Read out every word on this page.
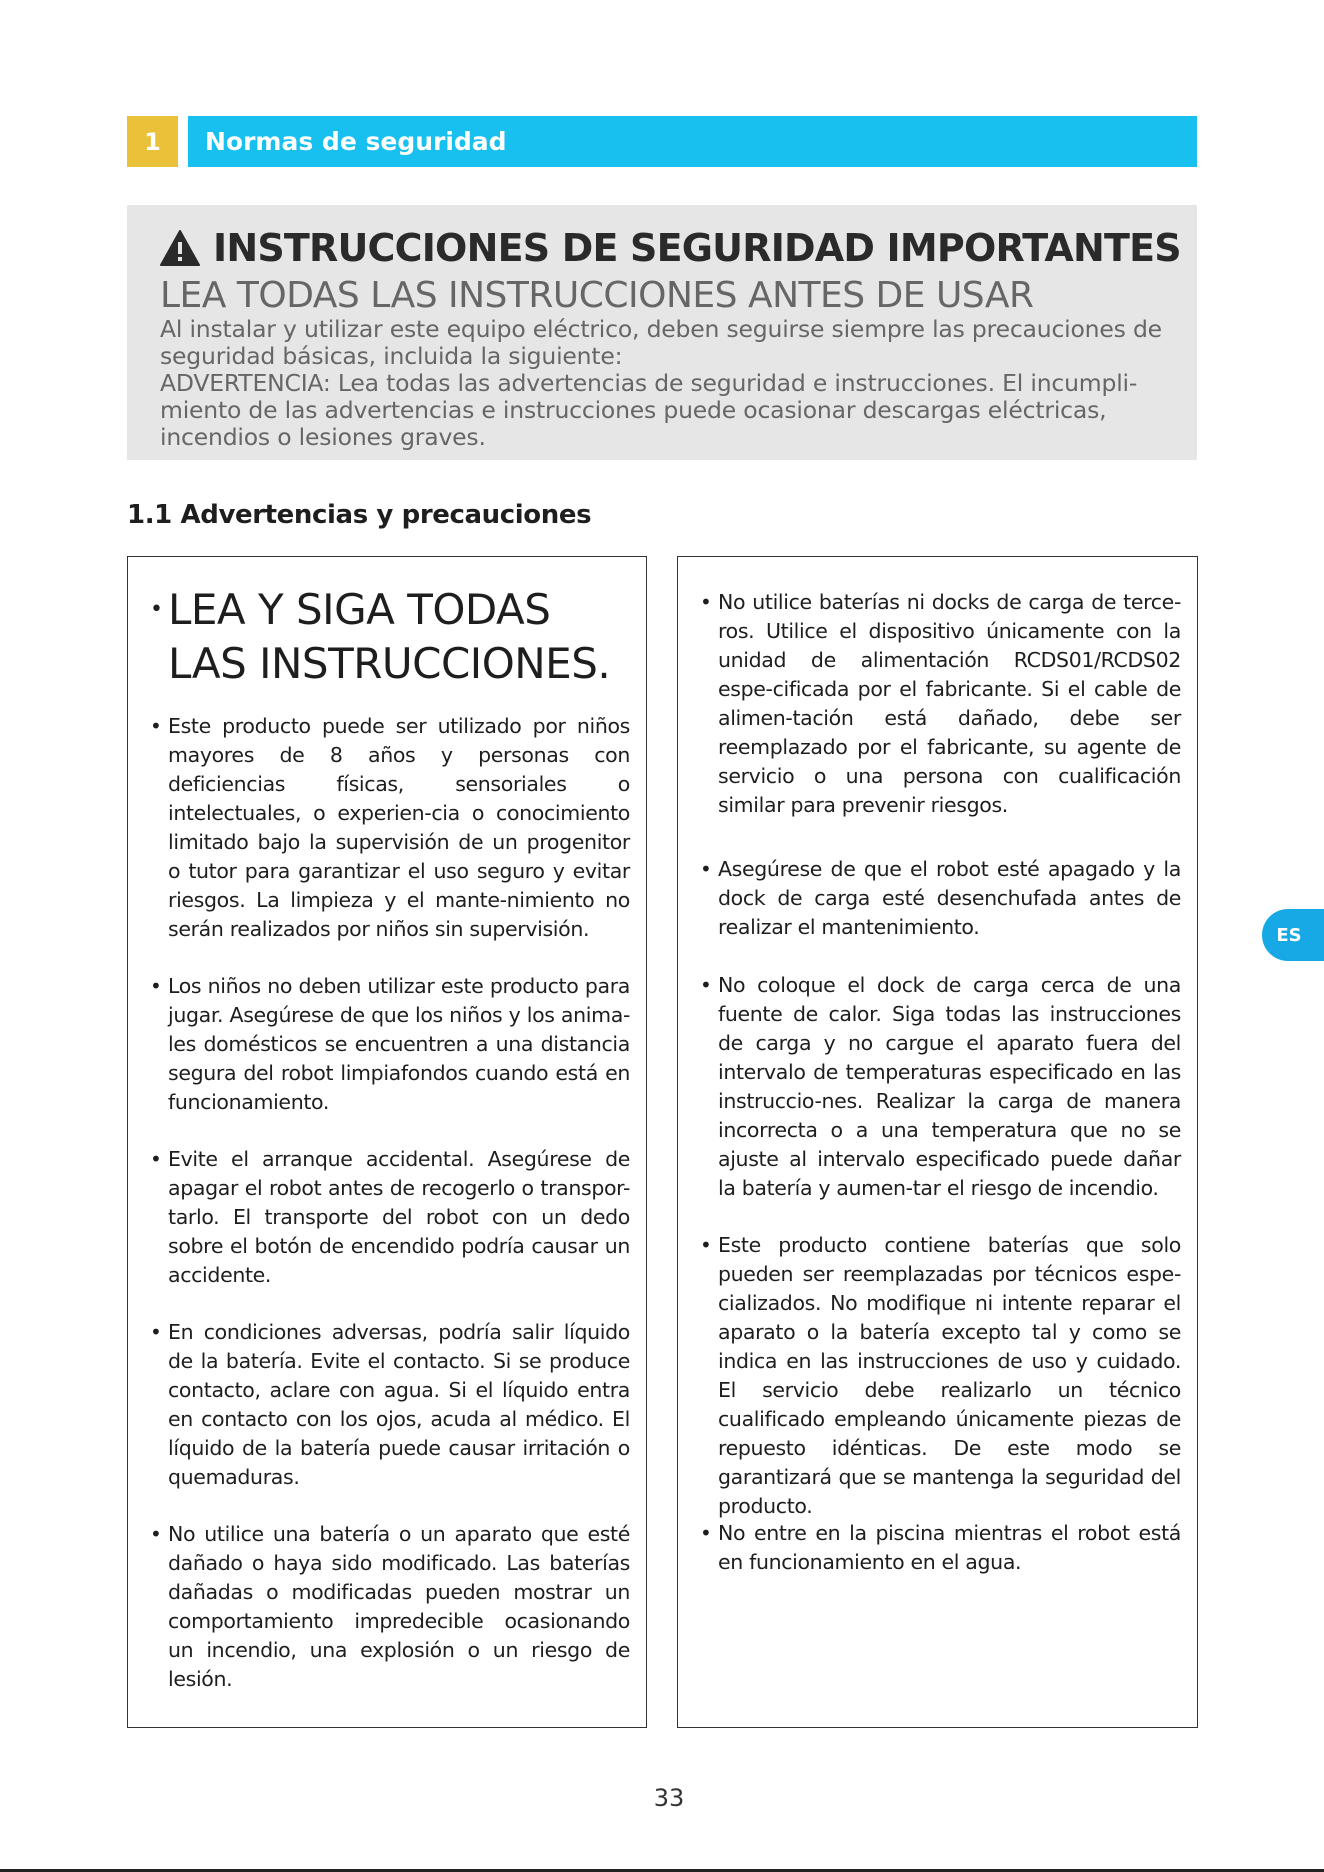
1	Normas de seguridad
INSTRUCCIONES DE SEGURIDAD IMPORTANTES
LEA TODAS LAS INSTRUCCIONES ANTES DE USAR
Al instalar y utilizar este equipo eléctrico, deben seguirse siempre las precauciones de
seguridad básicas, incluida la siguiente:
ADVERTENCIA: Lea todas las advertencias de seguridad e instrucciones. El incumpli-
miento de las advertencias e instrucciones puede ocasionar descargas eléctricas,
incendios o lesiones graves.
1.1 Advertencias y precauciones
• LEA Y SIGA TODAS LAS INSTRUCCIONES.
• Este producto puede ser utilizado por niños mayores de 8 años y personas con deficiencias físicas, sensoriales o intelectuales, o experien-cia o conocimiento limitado bajo la supervisión de un progenitor o tutor para garantizar el uso seguro y evitar riesgos. La limpieza y el mante-nimiento no serán realizados por niños sin supervisión.
• Los niños no deben utilizar este producto para jugar. Asegúrese de que los niños y los anima-les domésticos se encuentren a una distancia segura del robot limpiafondos cuando está en funcionamiento.
• Evite el arranque accidental. Asegúrese de apagar el robot antes de recogerlo o transpor-tarlo. El transporte del robot con un dedo sobre el botón de encendido podría causar un accidente.
• En condiciones adversas, podría salir líquido de la batería. Evite el contacto. Si se produce contacto, aclare con agua. Si el líquido entra en contacto con los ojos, acuda al médico. El líquido de la batería puede causar irritación o quemaduras.
• No utilice una batería o un aparato que esté dañado o haya sido modificado. Las baterías dañadas o modificadas pueden mostrar un comportamiento impredecible ocasionando un incendio, una explosión o un riesgo de lesión.
• No utilice baterías ni docks de carga de terce-ros. Utilice el dispositivo únicamente con la unidad de alimentación RCDS01/RCDS02 espe-cificada por el fabricante. Si el cable de alimen-tación está dañado, debe ser reemplazado por el fabricante, su agente de servicio o una persona con cualificación similar para prevenir riesgos.
• Asegúrese de que el robot esté apagado y la dock de carga esté desenchufada antes de realizar el mantenimiento.
• No coloque el dock de carga cerca de una fuente de calor. Siga todas las instrucciones de carga y no cargue el aparato fuera del intervalo de temperaturas especificado en las instruccio-nes. Realizar la carga de manera incorrecta o a una temperatura que no se ajuste al intervalo especificado puede dañar la batería y aumen-tar el riesgo de incendio.
• Este producto contiene baterías que solo pueden ser reemplazadas por técnicos espe-cializados. No modifique ni intente reparar el aparato o la batería excepto tal y como se indica en las instrucciones de uso y cuidado. El servicio debe realizarlo un técnico cualificado empleando únicamente piezas de repuesto idénticas. De este modo se garantizará que se mantenga la seguridad del producto.
• No entre en la piscina mientras el robot está en funcionamiento en el agua.
ES
33
